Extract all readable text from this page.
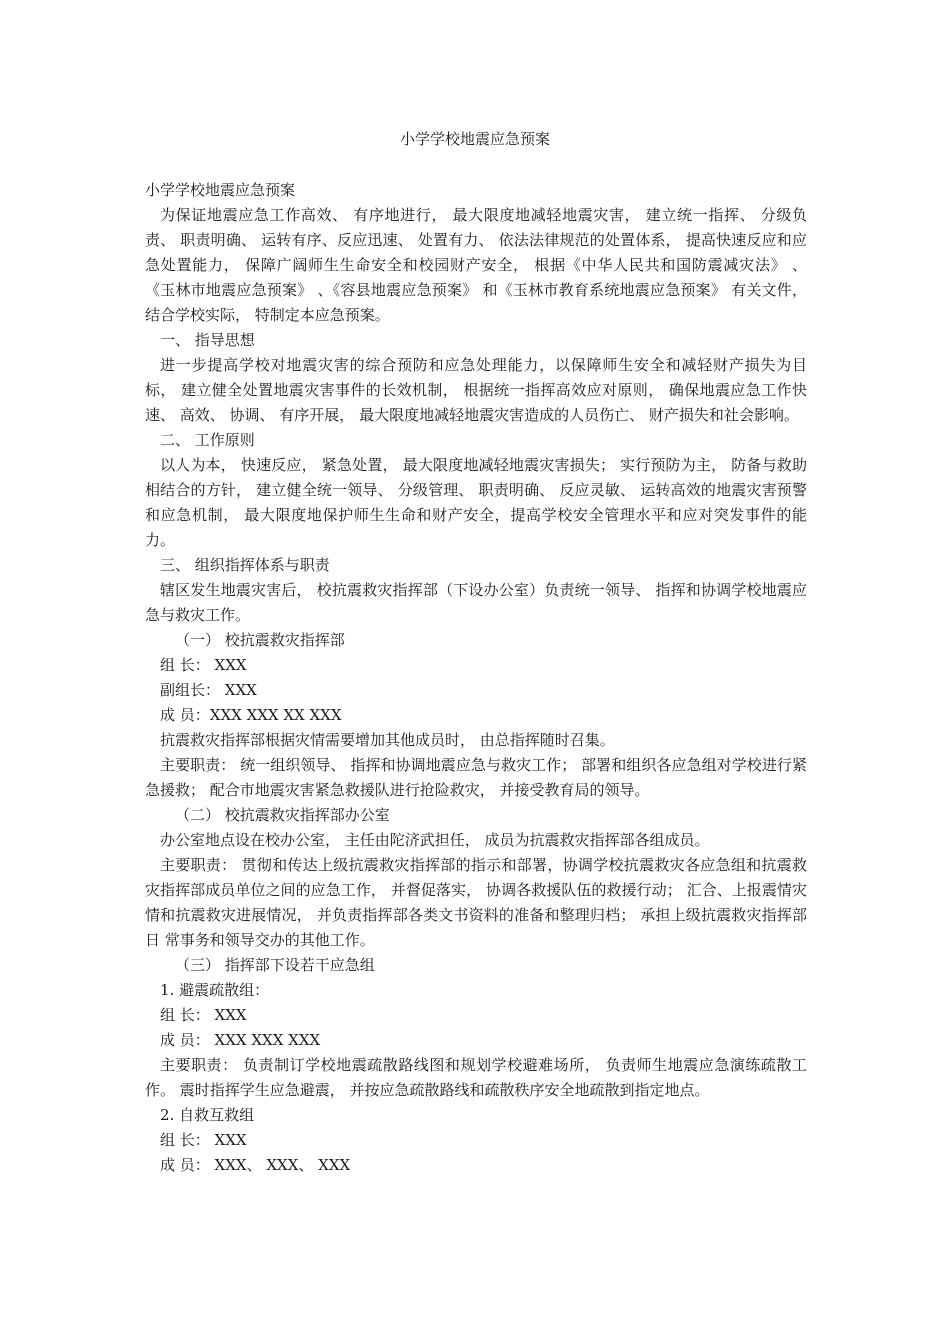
小学学校地震应急预案

小学学校地震应急预案

为保证地震应急工作高效、 有序地进行， 最大限度地减轻地震灾害， 建立统一指挥、 分级负责、 职责明确、 运转有序、反应迅速、 处置有力、 依法法律规范的处置体系， 提高快速反应和应急处置能力， 保障广阔师生生命安全和校园财产安全， 根据《中华人民共和国防震减灾法》 、 《玉林市地震应急预案》 、《容县地震应急预案》 和《玉林市教育系统地震应急预案》 有关文件， 结合学校实际， 特制定本应急预案。

一、 指导思想

进一步提高学校对地震灾害的综合预防和应急处理能力，以保障师生安全和减轻财产损失为目 标， 建立健全处置地震灾害事件的长效机制， 根据统一指挥高效应对原则， 确保地震应急工作快速、 高效、 协调、 有序开展， 最大限度地减轻地震灾害造成的人员伤亡、 财产损失和社会影响。

二、 工作原则

以人为本， 快速反应， 紧急处置， 最大限度地减轻地震灾害损失； 实行预防为主， 防备与救助相结合的方针， 建立健全统一领导、 分级管理、 职责明确、 反应灵敏、 运转高效的地震灾害预警和应急机制， 最大限度地保护师生生命和财产安全，提高学校安全管理水平和应对突发事件的能力。

三、 组织指挥体系与职责

辖区发生地震灾害后， 校抗震救灾指挥部（下设办公室）负责统一领导、 指挥和协调学校地震应急与救灾工作。

（一） 校抗震救灾指挥部

组 长： XXX

副组长： XXX

成 员：XXX XXX XX XXX

抗震救灾指挥部根据灾情需要增加其他成员时， 由总指挥随时召集。

主要职责： 统一组织领导、 指挥和协调地震应急与救灾工作； 部署和组织各应急组对学校进行紧急援救； 配合市地震灾害紧急救援队进行抢险救灾， 并接受教育局的领导。

（二） 校抗震救灾指挥部办公室

办公室地点设在校办公室， 主任由陀济武担任， 成员为抗震救灾指挥部各组成员。

主要职责： 贯彻和传达上级抗震救灾指挥部的指示和部署，协调学校抗震救灾各应急组和抗震救灾指挥部成员单位之间的应急工作， 并督促落实， 协调各救援队伍的救援行动； 汇合、上报震情灾情和抗震救灾进展情况， 并负责指挥部各类文书资料的准备和整理归档； 承担上级抗震救灾指挥部日 常事务和领导交办的其他工作。

（三） 指挥部下设若干应急组

1. 避震疏散组：

组 长： XXX

成 员： XXX XXX XXX

主要职责： 负责制订学校地震疏散路线图和规划学校避难场所， 负责师生地震应急演练疏散工作。 震时指挥学生应急避震， 并按应急疏散路线和疏散秩序安全地疏散到指定地点。

2. 自救互救组

组 长： XXX

成 员： XXX、 XXX、 XXX
